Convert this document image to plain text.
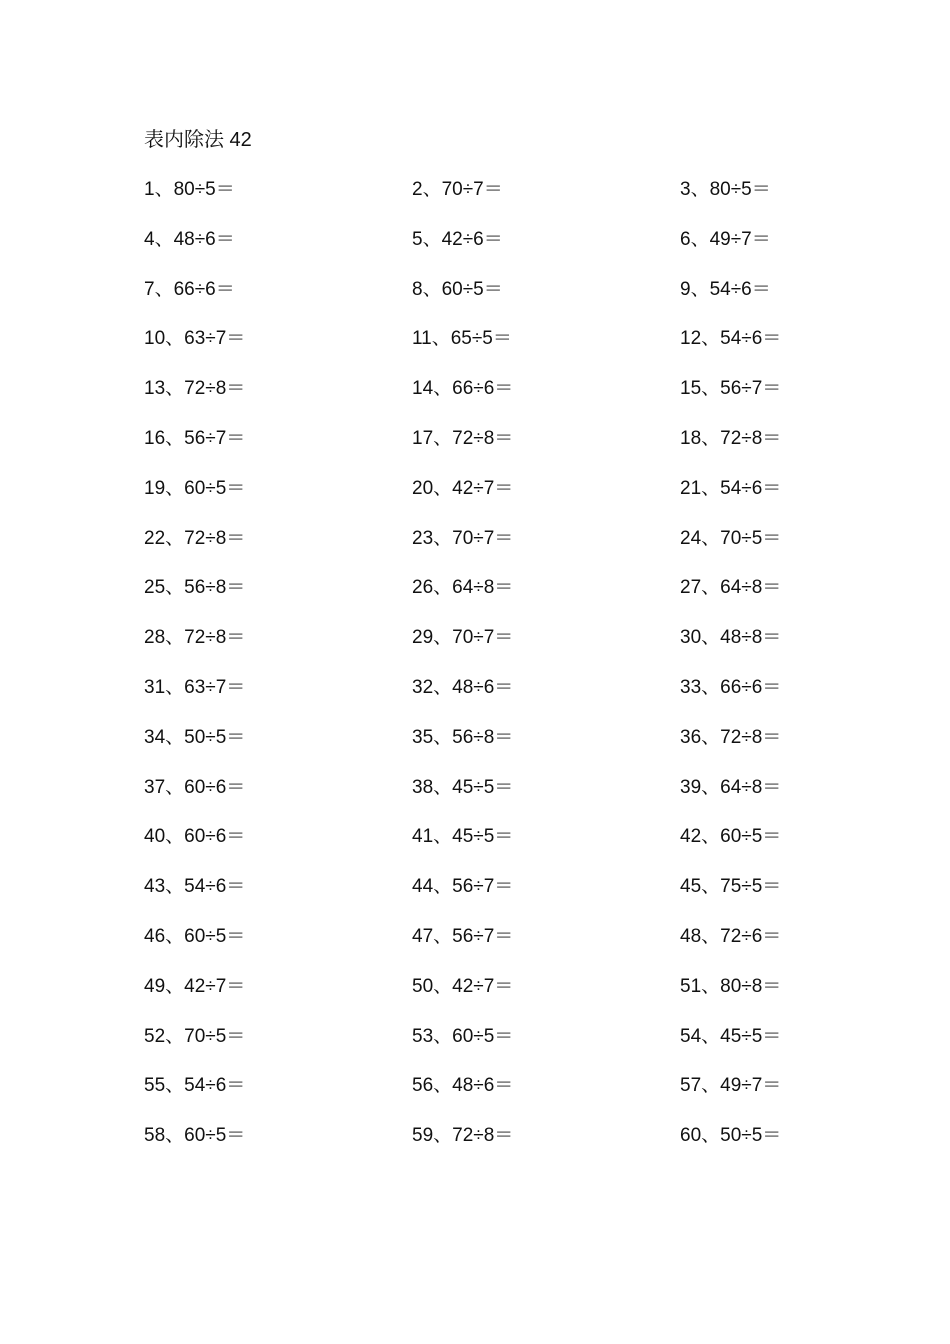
表内除法 42
1、80÷5＝	2、70÷7＝	3、80÷5＝
4、48÷6＝	5、42÷6＝	6、49÷7＝
7、66÷6＝	8、60÷5＝	9、54÷6＝
10、63÷7＝	11、65÷5＝	12、54÷6＝
13、72÷8＝	14、66÷6＝	15、56÷7＝
16、56÷7＝	17、72÷8＝	18、72÷8＝
19、60÷5＝	20、42÷7＝	21、54÷6＝
22、72÷8＝	23、70÷7＝	24、70÷5＝
25、56÷8＝	26、64÷8＝	27、64÷8＝
28、72÷8＝	29、70÷7＝	30、48÷8＝
31、63÷7＝	32、48÷6＝	33、66÷6＝
34、50÷5＝	35、56÷8＝	36、72÷8＝
37、60÷6＝	38、45÷5＝	39、64÷8＝
40、60÷6＝	41、45÷5＝	42、60÷5＝
43、54÷6＝	44、56÷7＝	45、75÷5＝
46、60÷5＝	47、56÷7＝	48、72÷6＝
49、42÷7＝	50、42÷7＝	51、80÷8＝
52、70÷5＝	53、60÷5＝	54、45÷5＝
55、54÷6＝	56、48÷6＝	57、49÷7＝
58、60÷5＝	59、72÷8＝	60、50÷5＝
